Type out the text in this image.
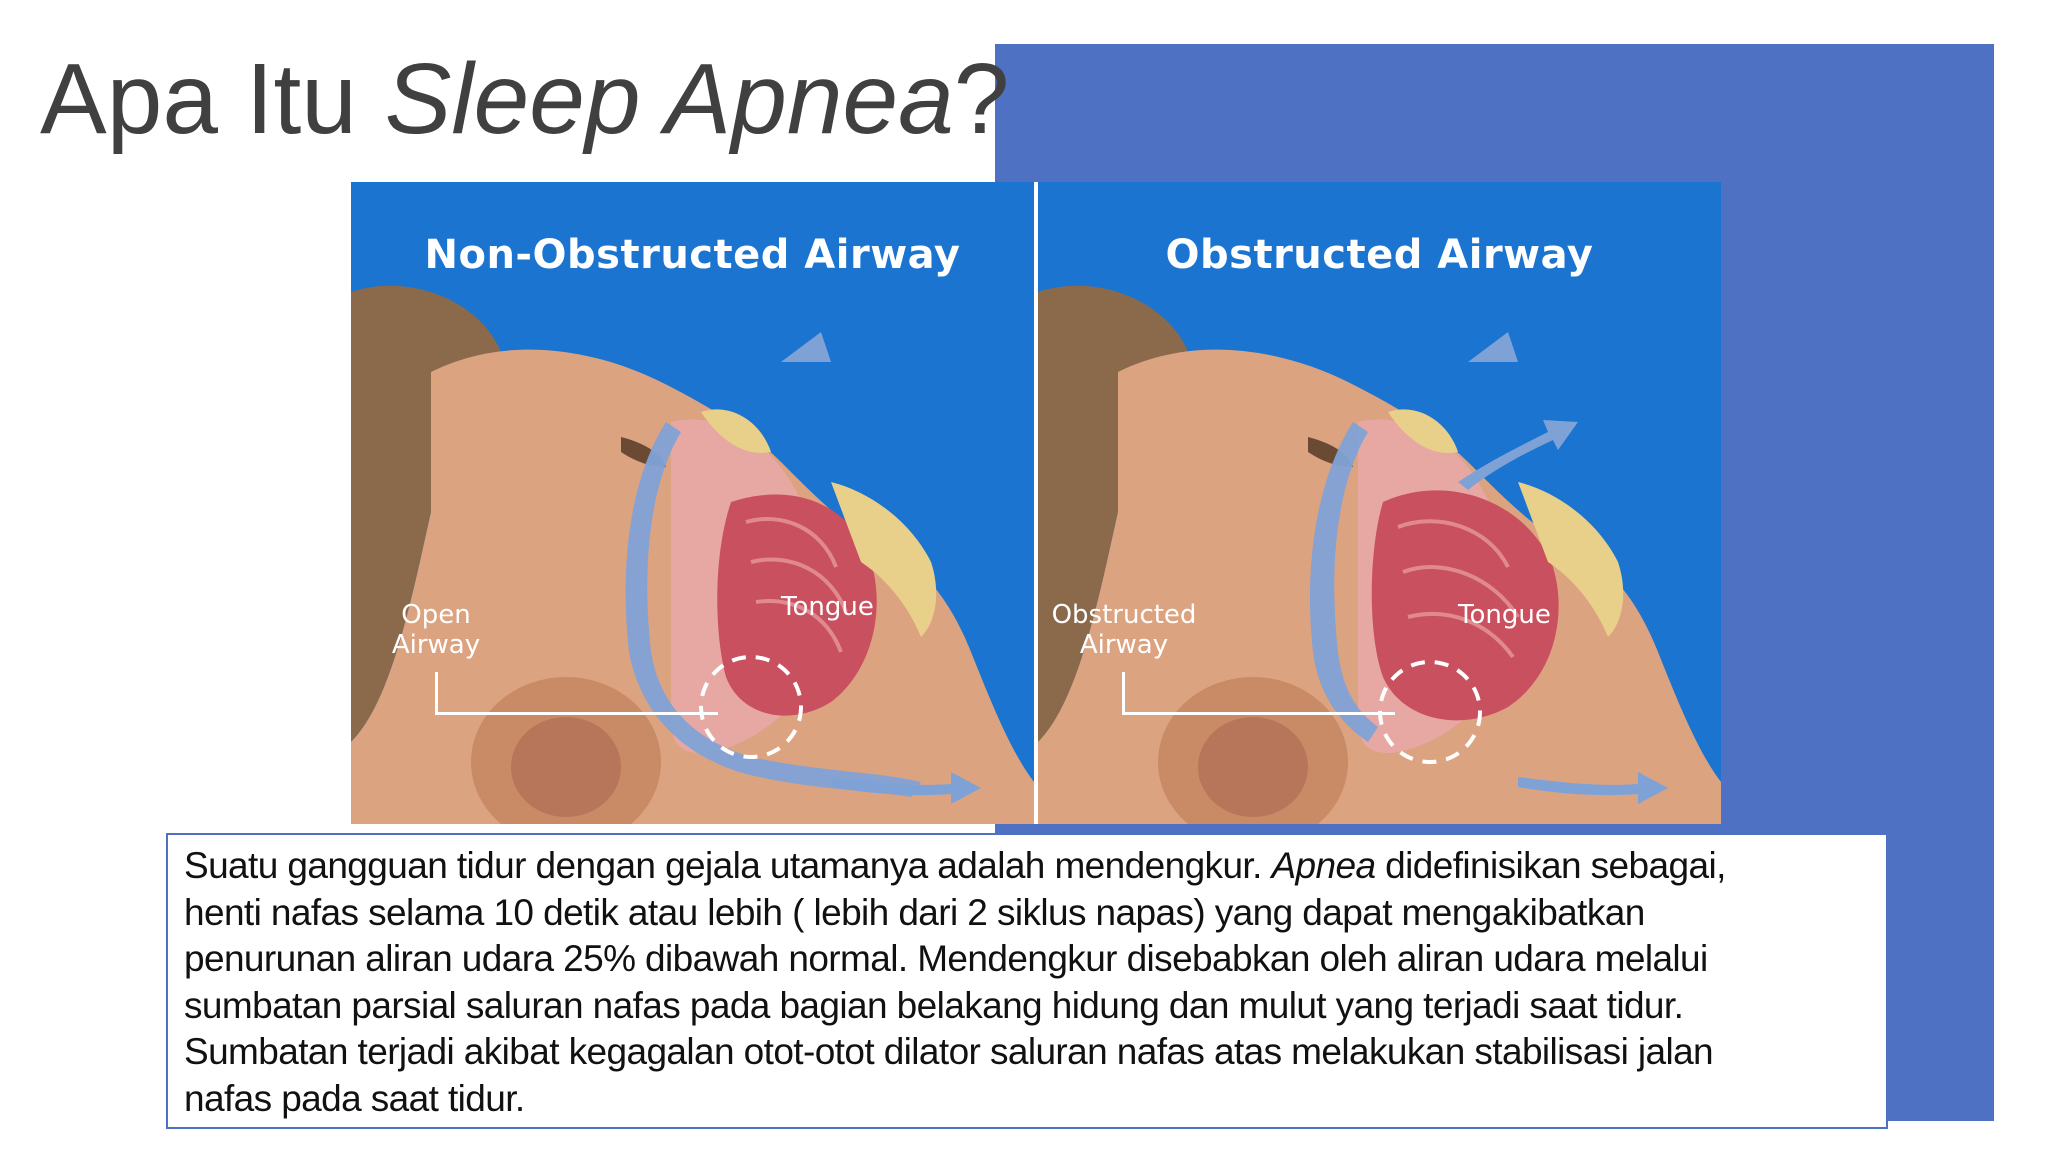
Apa Itu Sleep Apnea?
Non-Obstructed Airway
Open
Airway
Tongue
Obstructed Airway
Obstructed
Airway
Tongue

Suatu gangguan tidur dengan gejala utamanya adalah mendengkur. Apnea didefinisikan sebagai,
henti nafas selama 10 detik atau lebih ( lebih dari 2 siklus napas) yang dapat mengakibatkan
penurunan aliran udara 25% dibawah normal. Mendengkur disebabkan oleh aliran udara melalui
sumbatan parsial saluran nafas pada bagian belakang hidung dan mulut yang terjadi saat tidur.
Sumbatan terjadi akibat kegagalan otot-otot dilator saluran nafas atas melakukan stabilisasi jalan
nafas pada saat tidur.
